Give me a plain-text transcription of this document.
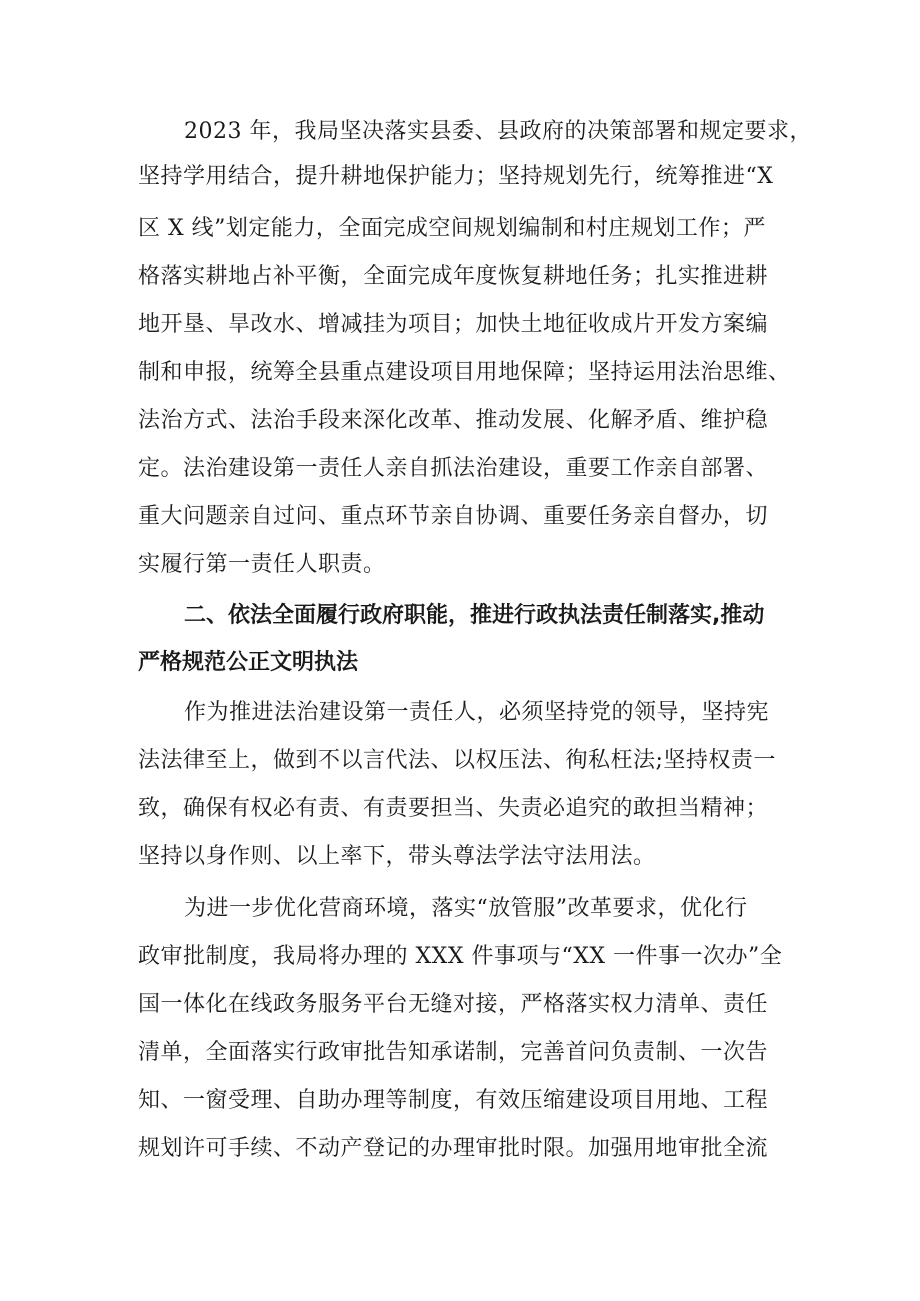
2023 年，我局坚决落实县委、县政府的决策部署和规定要求，

坚持学用结合，提升耕地保护能力；坚持规划先行，统筹推进“X

区 X 线”划定能力，全面完成空间规划编制和村庄规划工作；严

格落实耕地占补平衡，全面完成年度恢复耕地任务；扎实推进耕

地开垦、旱改水、增减挂为项目；加快土地征收成片开发方案编

制和申报，统筹全县重点建设项目用地保障；坚持运用法治思维、

法治方式、法治手段来深化改革、推动发展、化解矛盾、维护稳

定。法治建设第一责任人亲自抓法治建设，重要工作亲自部署、

重大问题亲自过问、重点环节亲自协调、重要任务亲自督办，切

实履行第一责任人职责。

二、依法全面履行政府职能，推进行政执法责任制落实,推动

严格规范公正文明执法

作为推进法治建设第一责任人，必须坚持党的领导，坚持宪

法法律至上，做到不以言代法、以权压法、徇私枉法;坚持权责一

致，确保有权必有责、有责要担当、失责必追究的敢担当精神；

坚持以身作则、以上率下，带头尊法学法守法用法。

为进一步优化营商环境，落实“放管服”改革要求，优化行

政审批制度，我局将办理的 XXX 件事项与“XX 一件事一次办”全

国一体化在线政务服务平台无缝对接，严格落实权力清单、责任

清单，全面落实行政审批告知承诺制，完善首问负责制、一次告

知、一窗受理、自助办理等制度，有效压缩建设项目用地、工程

规划许可手续、不动产登记的办理审批时限。加强用地审批全流
